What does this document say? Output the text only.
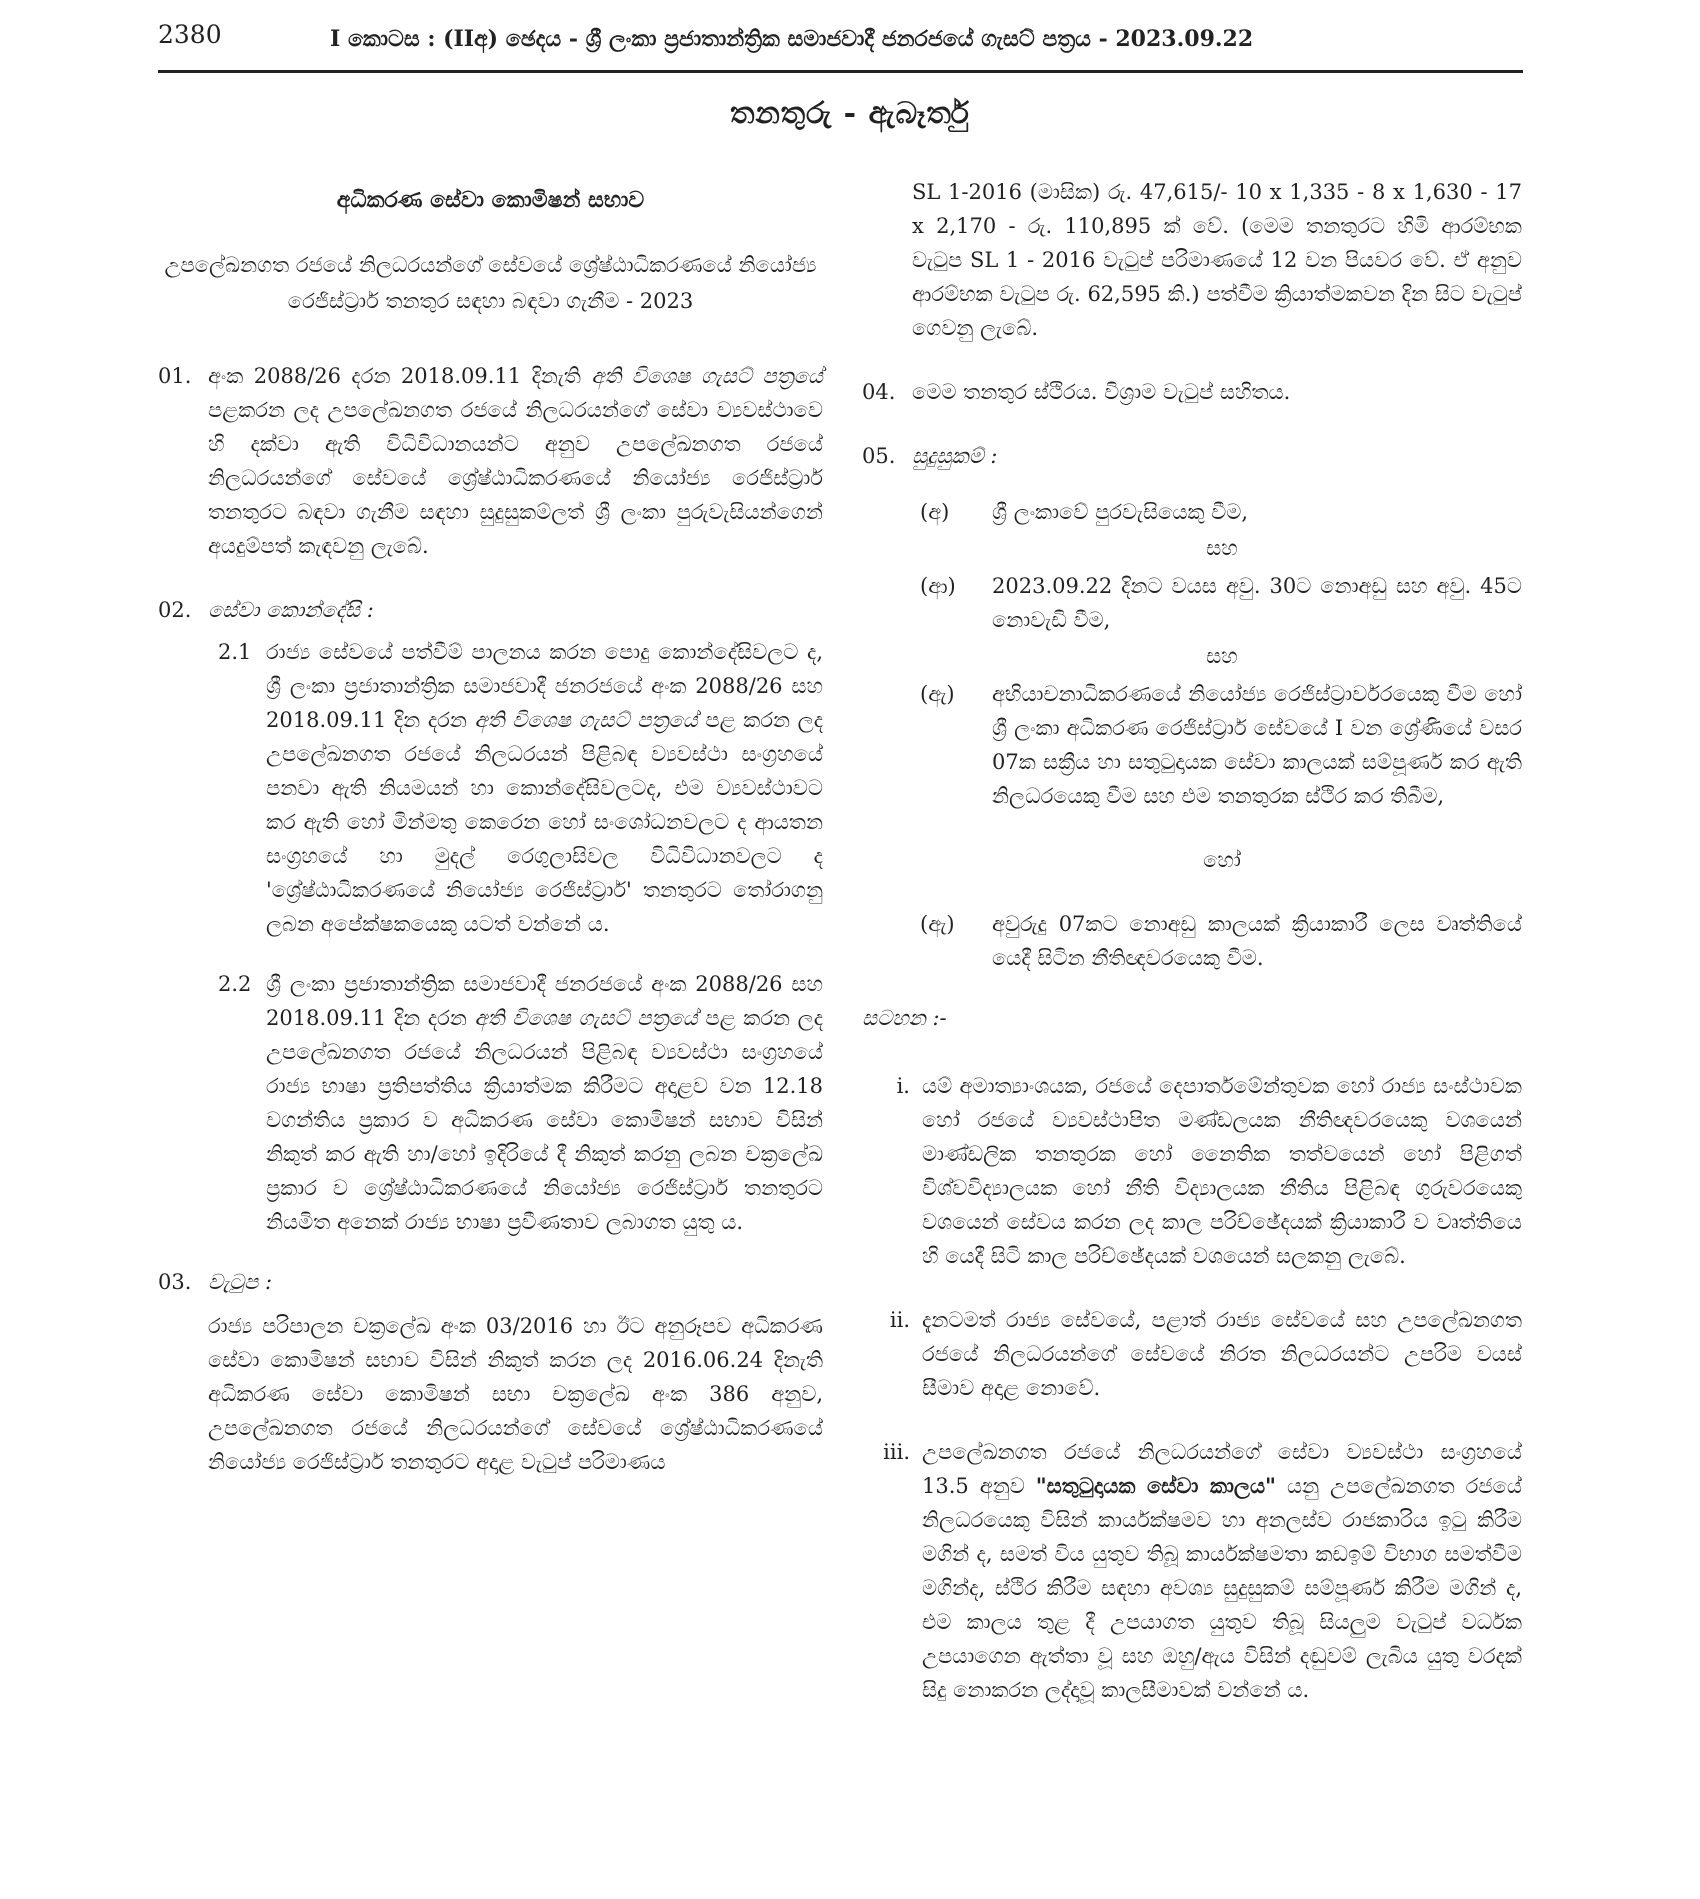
2380	I කොටස : (IIඅ) ඡෙදය - ශ්‍රී ලංකා ප්‍රජාතාන්ත්‍රික සමාජවාදී ජනරජයේ ගැසට් පත්‍රය - 2023.09.22
තනතුරු - ඇබෑර්තු
අධිකරණ සේවා කොමිෂන් සභාව
උපලේඛනගත රජයේ නිලධරයන්ගේ සේවයේ ශ්‍රේෂ්ඨාධිකරණයේ නියෝජ්‍ය රෙජිස්ට්‍රාර් තනතුර සඳහා බඳවා ගැනීම - 2023
01. අංක 2088/26 දරන 2018.09.11 දිනැති අති විශෙෂ ගැසට් පත්‍රයේ පළකරන ලද උපලේඛනගත රජයේ නිලධරයන්ගේ සේවා ව්‍යවස්ථාවෙ හි දක්වා ඇති විධිවිධානයන්ට අනුව උපලේඛනගත රජයේ නිලධරයන්ගේ සේවයේ ශ්‍රේෂ්ඨාධිකරණයේ නියෝජ්‍ය රෙජිස්ට්‍රාර් තනතුරට බඳවා ගැනීම සඳහා සුදුසුකම්ලත් ශ්‍රී ලංකා පුරුවැසියන්ගෙන් අයදුම්පත් කැඳවනු ලැබේ.
02. සේවා කොන්දේසි :
2.1 රාජ්‍ය සේවයේ පත්වීම් පාලනය කරන පොදු කොන්දේසිවලට ද, ශ්‍රී ලංකා ප්‍රජාතාන්ත්‍රික සමාජවාදී ජනරජයේ අංක 2088/26 සහ 2018.09.11 දින දරන අති විශෙෂ ගැසට් පත්‍රයේ පළ කරන ලද උපලේඛනගත රජයේ නිලධරයන් පිළිබඳ ව්‍යවස්ථා සංග්‍රහයේ පනවා ඇති නියමයන් හා කොන්දේසිවලටද, එම ව්‍යවස්ථාවට කර ඇති හෝ මින්මතු කෙරෙන හෝ සංශෝධනවලට ද ආයතන සංග්‍රහයේ හා මුදල් රෙගුලාසිවල විධිවිධානවලට ද 'ශ්‍රේෂ්ඨාධිකරණයේ නියෝජ්‍ය රෙජිස්ට්‍රාර්' තනතුරට තෝරාගනු ලබන අපේක්ෂකයෙකු යටත් වන්නේ ය.
2.2 ශ්‍රී ලංකා ප්‍රජාතාන්ත්‍රික සමාජවාදී ජනරජයේ අංක 2088/26 සහ 2018.09.11 දින දරන අති විශෙෂ ගැසට් පත්‍රයේ පළ කරන ලද උපලේඛනගත රජයේ නිලධරයන් පිළිබඳ ව්‍යවස්ථා සංග්‍රහයේ රාජ්‍ය භාෂා ප්‍රතිපත්තිය ක්‍රියාත්මක කිරීමට අදාළව වන 12.18 වගන්තිය ප්‍රකාර ව අධිකරණ සේවා කොමිෂන් සභාව විසින් නිකුත් කර ඇති හා/හෝ ඉදිරියේ දී නිකුත් කරනු ලබන චක්‍රලේඛ ප්‍රකාර ව ශ්‍රේෂ්ඨාධිකරණයේ නියෝජ්‍ය රෙජිස්ට්‍රාර් තනතුරට නියමිත අනෙක් රාජ්‍ය භාෂා ප්‍රවීණතාව ලබාගත යුතු ය.
03. වැටුප :
රාජ්‍ය පරිපාලන චක්‍රලේඛ අංක 03/2016 හා ඊට අනුරූපව අධිකරණ සේවා කොමිෂන් සභාව විසින් නිකුත් කරන ලද 2016.06.24 දිනැති අධිකරණ සේවා කොමිෂන් සභා චක්‍රලේඛ අංක 386 අනුව, උපලේඛනගත රජයේ නිලධරයන්ගේ සේවයේ ශ්‍රේෂ්ඨාධිකරණයේ නියෝජ්‍ය රෙජිස්ට්‍රාර් තනතුරට අදාළ වැටුප් පරිමාණය
SL 1-2016 (මාසික) රු. 47,615/- 10 x 1,335 - 8 x 1,630 - 17 x 2,170 - රු. 110,895 ක් වේ. (මෙම තනතුරට හිමි ආරම්භක වැටුප SL 1 - 2016 වැටුප් පරිමාණයේ 12 වන පියවර වේ. ඒ අනුව ආරම්භක වැටුප රු. 62,595 කි.) පත්වීම ක්‍රියාත්මකවන දින සිට වැටුප් ගෙවනු ලැබේ.
04. මෙම තනතුර ස්ථිරය. විශ්‍රාම වැටුප් සහිතය.
05. සුදුසුකම් :
(අ)	ශ්‍රී ලංකාවේ පුරවැසියෙකු වීම,
සහ
(ආ)	2023.09.22 දිනට වයස අවු. 30ට නොඅඩු සහ අවු. 45ට නොවැඩි වීම,
සහ
(ඇ)	අභියාචනාධිකරණයේ නියෝජ්‍ය රෙජිස්ට්‍රාර්වරයෙකු වීම හෝ ශ්‍රී ලංකා අධිකරණ රෙජිස්ට්‍රාර් සේවයේ I වන ශ්‍රේණියේ වසර 07ක සක්‍රීය හා සතුටුදායක සේවා කාලයක් සම්පූර්ණ කර ඇති නිලධරයෙකු වීම සහ එම තනතුරක ස්ථිර කර තිබීම,
හෝ
(ඇ)	අවුරුදු 07කට නොඅඩු කාලයක් ක්‍රියාකාරී ලෙස වෘත්තියේ යෙදී සිටින නීතිඥවරයෙකු වීම.
සටහන :-
i. යම් අමාත්‍යාංශයක, රජයේ දෙපාර්තමේන්තුවක හෝ රාජ්‍ය සංස්ථාවක හෝ රජයේ ව්‍යවස්ථාපිත මණ්ඩලයක නීතිඥවරයෙකු වශයෙන් මාණ්ඩලික තනතුරක හෝ නෛතික තත්වයෙන් හෝ පිළිගත් විශ්වවිද්‍යාලයක හෝ නීති විද්‍යාලයක නීතිය පිළිබඳ ගුරුවරයෙකු වශයෙන් සේවය කරන ලද කාල පරිච්ඡේදයක් ක්‍රියාකාරී ව වෘත්තියෙ හි යෙදී සිටි කාල පරිච්ඡේදයක් වශයෙන් සලකනු ලැබේ.
ii. දැනටමත් රාජ්‍ය සේවයේ, පළාත් රාජ්‍ය සේවයේ සහ උපලේඛනගත රජයේ නිලධරයන්ගේ සේවයේ නිරත නිලධරයන්ට උපරිම වයස් සීමාව අදාළ නොවේ.
iii. උපලේඛනගත රජයේ නිලධරයන්ගේ සේවා ව්‍යවස්ථා සංග්‍රහයේ 13.5 අනුව "සතුටුදායක සේවා කාලය" යනු උපලේඛනගත රජයේ නිලධරයෙකු විසින් කාර්යක්ෂමව හා අනලස්ව රාජකාරිය ඉටු කිරීම මගින් ද, සමත් විය යුතුව තිබූ කාර්යක්ෂමතා කඩඉම් විභාග සමත්වීම මගින්ද, ස්ථිර කිරීම සඳහා අවශ්‍ය සුදුසුකම් සම්පූර්ණ කිරීම මගින් ද, එම කාලය තුළ දී උපයාගත යුතුව තිබූ සියලුම වැටුප් වර්ධක උපයාගෙන ඇත්තා වූ සහ ඔහු/ඇය විසින් දඬුවම් ලැබිය යුතු වරදක් සිදු නොකරන ලද්දාවූ කාලසීමාවක් වන්නේ ය.
